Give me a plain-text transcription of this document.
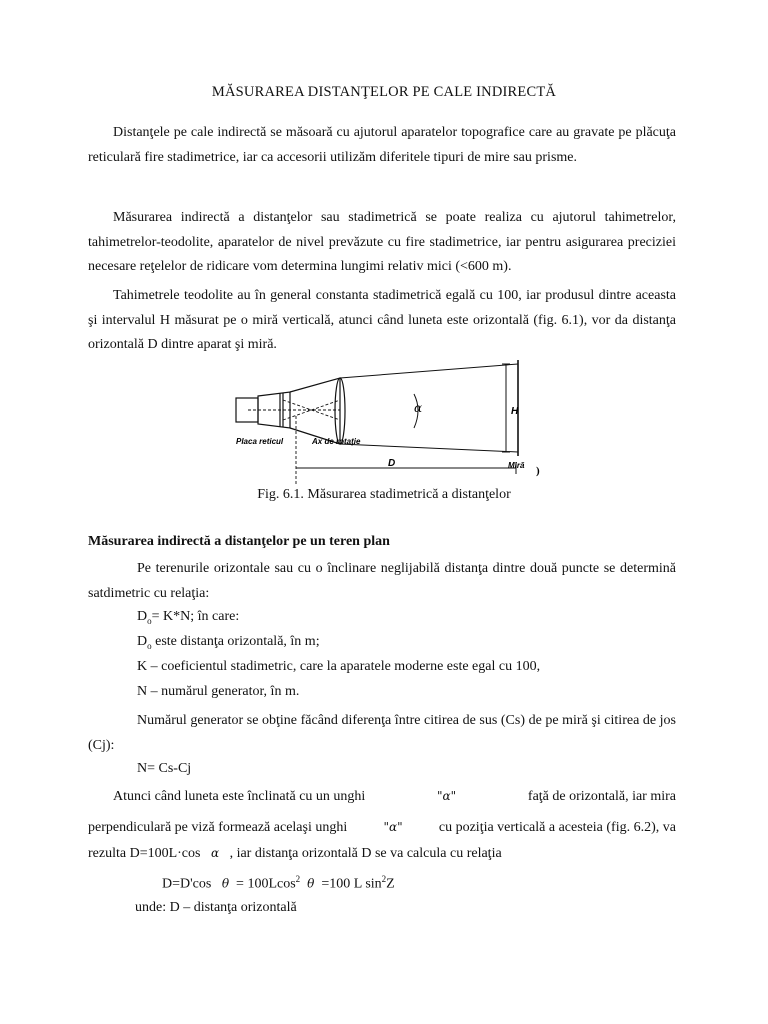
MĂSURAREA DISTANŢELOR PE CALE INDIRECTĂ

Distanţele pe cale indirectă se măsoară cu ajutorul aparatelor topografice care au gravate pe plăcuţa reticulară fire stadimetrice, iar ca accesorii utilizăm diferitele tipuri de mire sau prisme.

Măsurarea indirectă a distanţelor sau stadimetrică se poate realiza cu ajutorul tahimetrelor, tahimetrelor-teodolite, aparatelor de nivel prevăzute cu fire stadimetrice, iar pentru asigurarea preciziei necesare reţelelor de ridicare vom determina lungimi relativ mici (<600 m).

Tahimetrele teodolite au în general constanta stadimetrică egală cu 100, iar produsul dintre aceasta şi intervalul H măsurat pe o miră verticală, atunci când luneta este orizontală (fig. 6.1), vor da distanţa orizontală D dintre aparat şi miră.

α	H
D
Placa reticul	Ax de rotaţie
Miră )
Fig. 6.1. Măsurarea stadimetrică a distanţelor
Măsurarea indirectă a distanţelor pe un teren plan

Pe terenurile orizontale sau cu o înclinare neglijabilă distanţa dintre două puncte se determină satdimetric cu relaţia:

$D_o= K*N$; în care:
$D_o$ este distanţa orizontală, în m;
K – coeficientul stadimetric, care la aparatele moderne este egal cu 100,
N – numărul generator, în m.

Numărul generator se obţine făcând diferenţa între citirea de sus (Cs) de pe miră şi citirea de jos (Cj):

N= Cs-Cj
Atunci când luneta este înclinată cu un unghi	"α"	faţă de orizontală, iar mira
perpendiculară pe viză formează acelaşi unghi	"α"	cu poziţia verticală a acesteia (fig. 6.2), va
rezulta D=100L·cos α , iar distanţa orizontală D se va calcula cu relaţia
D=D'cos θ = 100Lcos$^2$ θ =100 L $\sin^2Z$
unde: D – distanţa orizontală
